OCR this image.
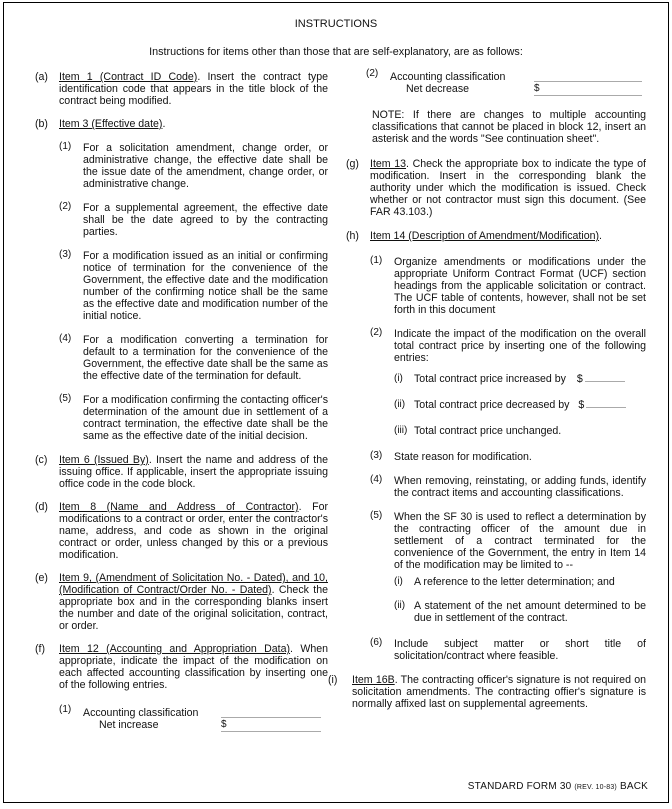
INSTRUCTIONS
Instructions for items other than those that are self-explanatory, are as follows:
(a) Item 1 (Contract ID Code). Insert the contract type identification code that appears in the title block of the contract being modified.
(b) Item 3 (Effective date).
(1) For a solicitation amendment, change order, or administrative change, the effective date shall be the issue date of the amendment, change order, or administrative change.
(2) For a supplemental agreement, the effective date shall be the date agreed to by the contracting parties.
(3) For a modification issued as an initial or confirming notice of termination for the convenience of the Government, the effective date and the modification number of the confirming notice shall be the same as the effective date and modification number of the initial notice.
(4) For a modification converting a termination for default to a termination for the convenience of the Government, the effective date shall be the same as the effective date of the termination for default.
(5) For a modification confirming the contacting officer's determination of the amount due in settlement of a contract termination, the effective date shall be the same as the effective date of the initial decision.
(c) Item 6 (Issued By). Insert the name and address of the issuing office. If applicable, insert the appropriate issuing office code in the code block.
(d) Item 8 (Name and Address of Contractor). For modifications to a contract or order, enter the contractor's name, address, and code as shown in the original contract or order, unless changed by this or a previous modification.
(e) Item 9, (Amendment of Solicitation No. - Dated), and 10, (Modification of Contract/Order No. - Dated). Check the appropriate box and in the corresponding blanks insert the number and date of the original solicitation, contract, or order.
(f) Item 12 (Accounting and Appropriation Data). When appropriate, indicate the impact of the modification on each affected accounting classification by inserting one of the following entries.
(1) Accounting classification
Net increase	$
(2) Accounting classification
Net decrease	$
NOTE: If there are changes to multiple accounting classifications that cannot be placed in block 12, insert an asterisk and the words "See continuation sheet".
(g) Item 13. Check the appropriate box to indicate the type of modification. Insert in the corresponding blank the authority under which the modification is issued. Check whether or not contractor must sign this document. (See FAR 43.103.)
(h) Item 14 (Description of Amendment/Modification).
(1) Organize amendments or modifications under the appropriate Uniform Contract Format (UCF) section headings from the applicable solicitation or contract. The UCF table of contents, however, shall not be set forth in this document
(2) Indicate the impact of the modification on the overall total contract price by inserting one of the following entries:
(i) Total contract price increased by $
(ii) Total contract price decreased by $
(iii) Total contract price unchanged.
(3) State reason for modification.
(4) When removing, reinstating, or adding funds, identify the contract items and accounting classifications.
(5) When the SF 30 is used to reflect a determination by the contracting officer of the amount due in settlement of a contract terminated for the convenience of the Government, the entry in Item 14 of the modification may be limited to --
(i) A reference to the letter determination; and
(ii) A statement of the net amount determined to be due in settlement of the contract.
(6) Include subject matter or short title of solicitation/contract where feasible.
(i) Item 16B. The contracting officer's signature is not required on solicitation amendments. The contracting offier's signature is normally affixed last on supplemental agreements.
STANDARD FORM 30 (REV. 10-83) BACK
